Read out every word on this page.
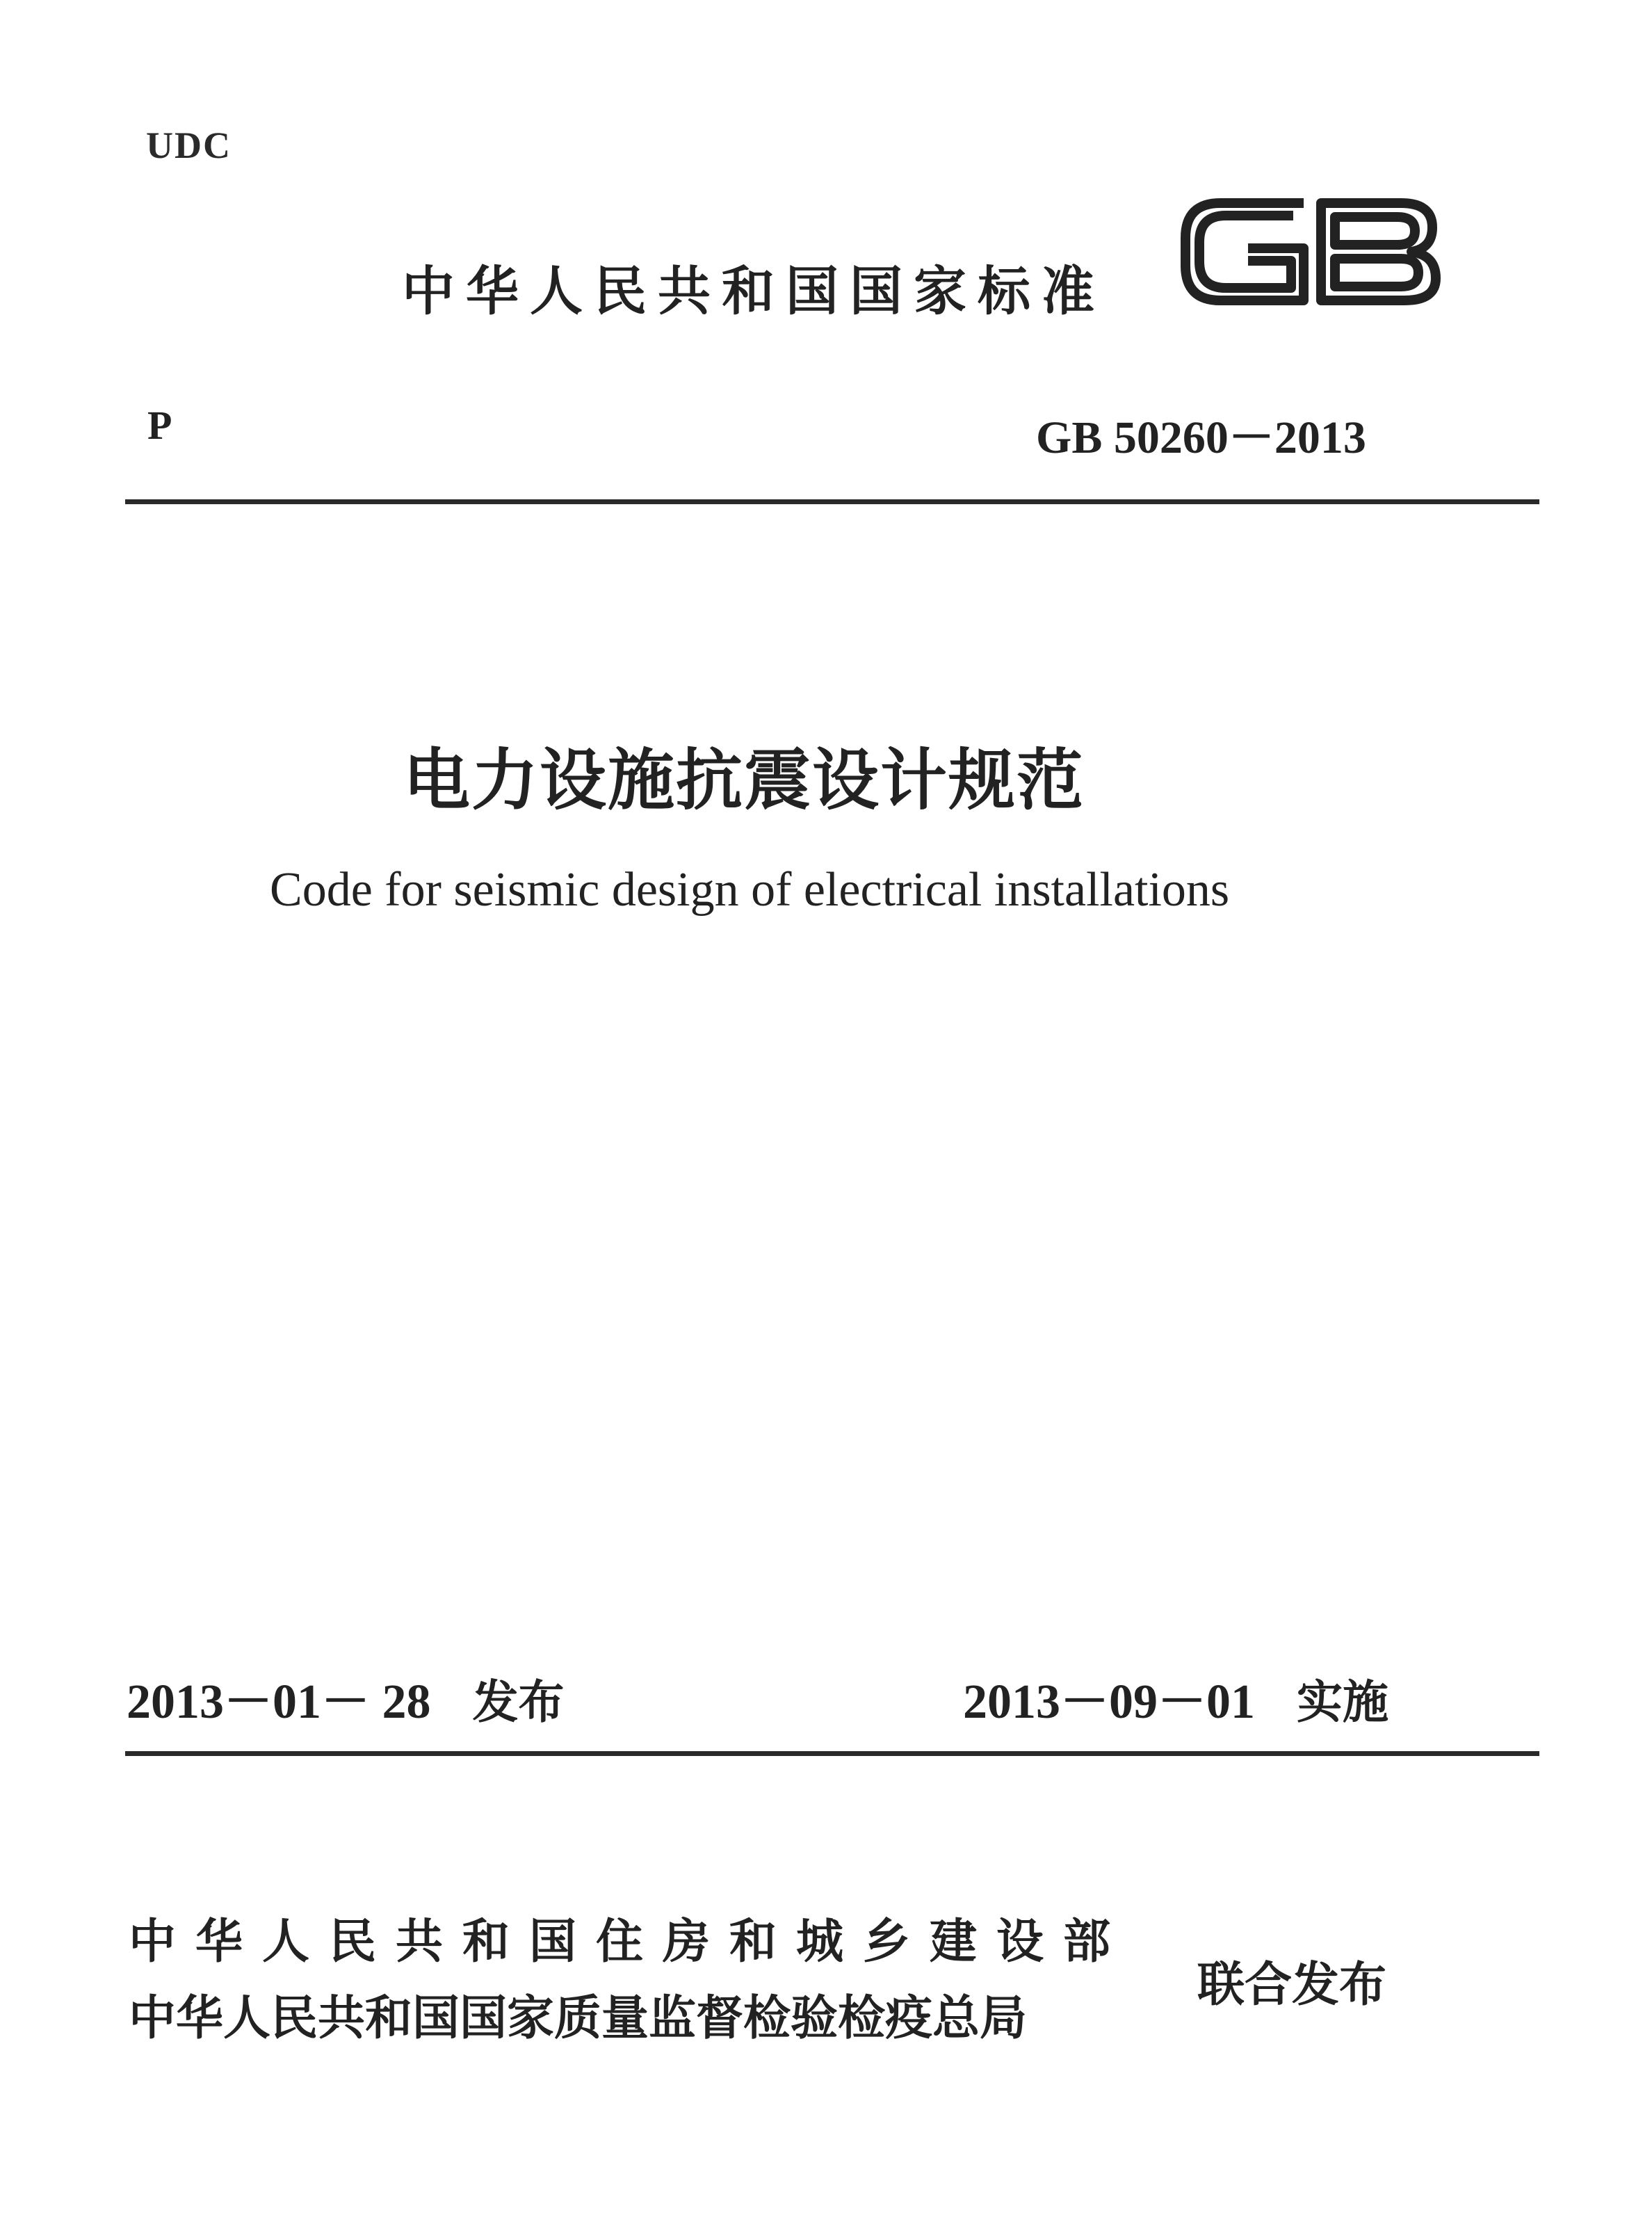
UDC
中华人民共和国国家标准
P	GB 50260－2013
电力设施抗震设计规范
Code for seismic design of electrical installations
2013－01－ 28 发布	2013－09－01 实施
中华人民共和国住房和城乡建设部
中华人民共和国国家质量监督检验检疫总局
联合发布
